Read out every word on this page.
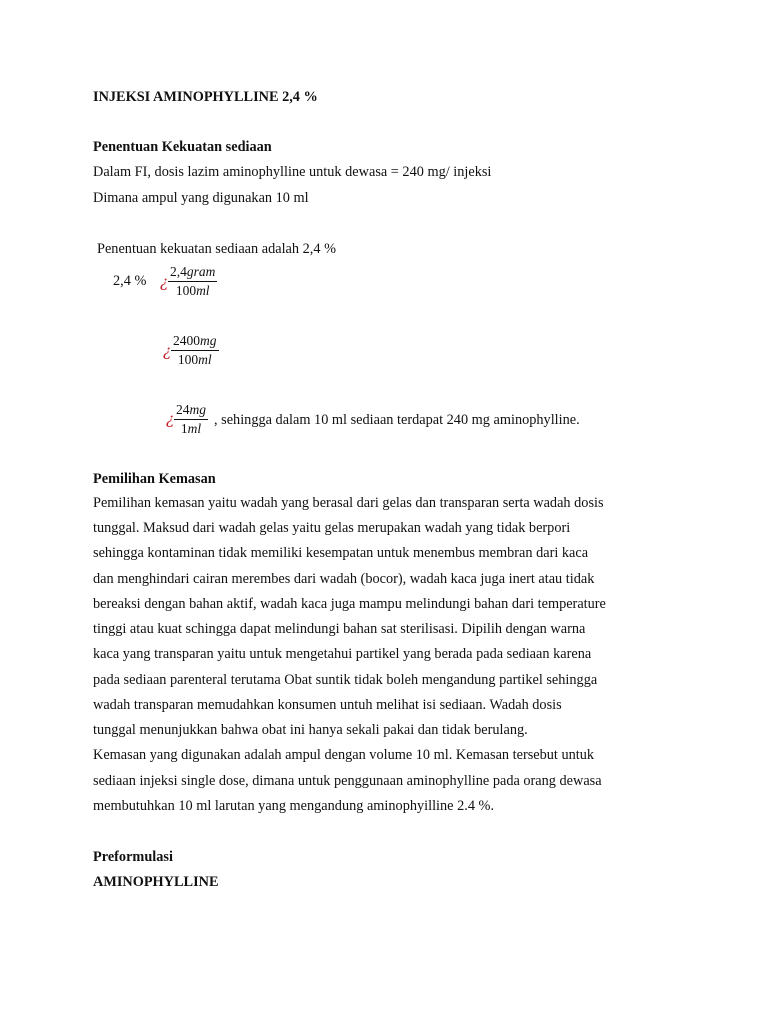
INJEKSI AMINOPHYLLINE 2,4 %
Penentuan Kekuatan sediaan
Dalam FI, dosis lazim aminophylline untuk dewasa = 240 mg/ injeksi
Dimana ampul yang digunakan 10 ml
Penentuan kekuatan sediaan adalah 2,4 %
2,4 % ¿
2,4gram
100ml
¿ $\frac{2400mg}{100ml}$
¿ $\frac{24mg}{1ml}$ , sehingga dalam 10 ml sediaan terdapat 240 mg aminophylline.
Pemilihan Kemasan
Pemilihan kemasan yaitu wadah yang berasal dari gelas dan transparan serta wadah dosis
tunggal. Maksud dari wadah gelas yaitu gelas merupakan wadah yang tidak berpori
sehingga kontaminan tidak memiliki kesempatan untuk menembus membran dari kaca
dan menghindari cairan merembes dari wadah (bocor), wadah kaca juga inert atau tidak
bereaksi dengan bahan aktif, wadah kaca juga mampu melindungi bahan dari temperature
tinggi atau kuat schingga dapat melindungi bahan sat sterilisasi. Dipilih dengan warna
kaca yang transparan yaitu untuk mengetahui partikel yang berada pada sediaan karena
pada sediaan parenteral terutama Obat suntik tidak boleh mengandung partikel sehingga
wadah transparan memudahkan konsumen untuh melihat isi sediaan. Wadah dosis
tunggal menunjukkan bahwa obat ini hanya sekali pakai dan tidak berulang.
Kemasan yang digunakan adalah ampul dengan volume 10 ml. Kemasan tersebut untuk
sediaan injeksi single dose, dimana untuk penggunaan aminophylline pada orang dewasa
membutuhkan 10 ml larutan yang mengandung aminophyilline 2.4 %.
Preformulasi
AMINOPHYLLINE
